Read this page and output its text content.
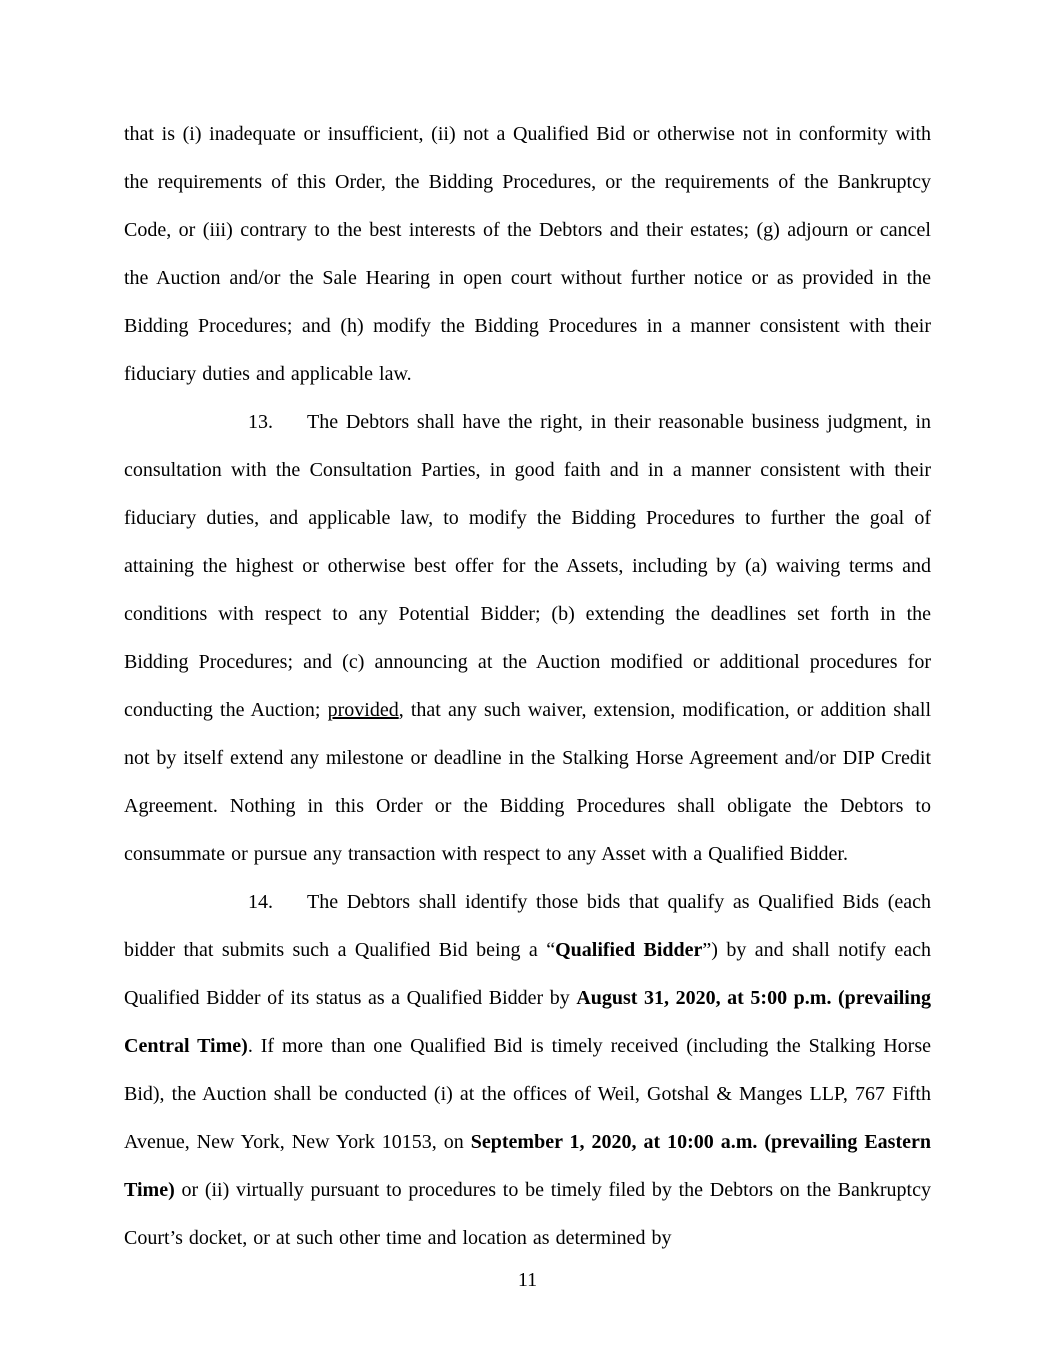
that is (i) inadequate or insufficient, (ii) not a Qualified Bid or otherwise not in conformity with the requirements of this Order, the Bidding Procedures, or the requirements of the Bankruptcy Code, or (iii) contrary to the best interests of the Debtors and their estates; (g) adjourn or cancel the Auction and/or the Sale Hearing in open court without further notice or as provided in the Bidding Procedures; and (h) modify the Bidding Procedures in a manner consistent with their fiduciary duties and applicable law.

13. The Debtors shall have the right, in their reasonable business judgment, in consultation with the Consultation Parties, in good faith and in a manner consistent with their fiduciary duties, and applicable law, to modify the Bidding Procedures to further the goal of attaining the highest or otherwise best offer for the Assets, including by (a) waiving terms and conditions with respect to any Potential Bidder; (b) extending the deadlines set forth in the Bidding Procedures; and (c) announcing at the Auction modified or additional procedures for conducting the Auction; provided, that any such waiver, extension, modification, or addition shall not by itself extend any milestone or deadline in the Stalking Horse Agreement and/or DIP Credit Agreement. Nothing in this Order or the Bidding Procedures shall obligate the Debtors to consummate or pursue any transaction with respect to any Asset with a Qualified Bidder.

14. The Debtors shall identify those bids that qualify as Qualified Bids (each bidder that submits such a Qualified Bid being a “Qualified Bidder”) by and shall notify each Qualified Bidder of its status as a Qualified Bidder by August 31, 2020, at 5:00 p.m. (prevailing Central Time). If more than one Qualified Bid is timely received (including the Stalking Horse Bid), the Auction shall be conducted (i) at the offices of Weil, Gotshal & Manges LLP, 767 Fifth Avenue, New York, New York 10153, on September 1, 2020, at 10:00 a.m. (prevailing Eastern Time) or (ii) virtually pursuant to procedures to be timely filed by the Debtors on the Bankruptcy Court’s docket, or at such other time and location as determined by

11
